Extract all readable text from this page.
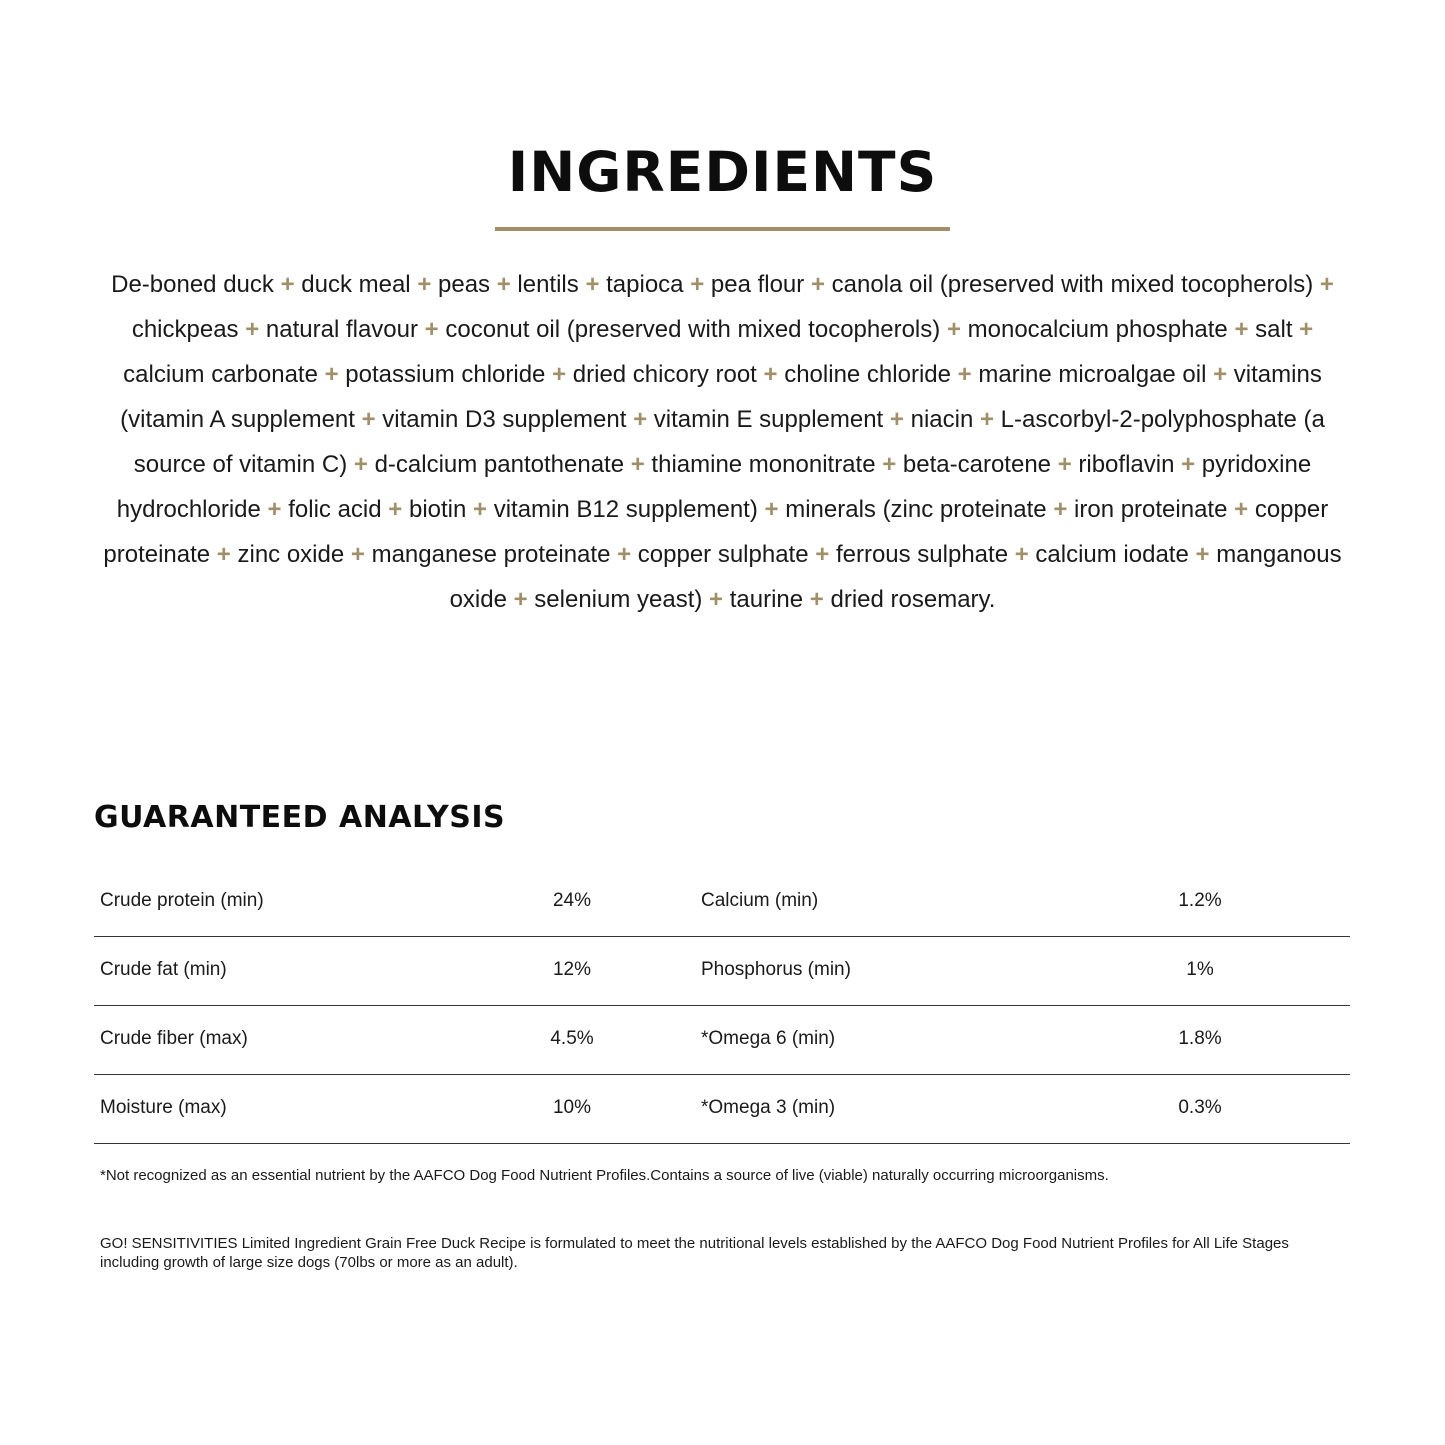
INGREDIENTS

De-boned duck + duck meal + peas + lentils + tapioca + pea flour + canola oil (preserved with mixed tocopherols) + chickpeas + natural flavour + coconut oil (preserved with mixed tocopherols) + monocalcium phosphate + salt + calcium carbonate + potassium chloride + dried chicory root + choline chloride + marine microalgae oil + vitamins (vitamin A supplement + vitamin D3 supplement + vitamin E supplement + niacin + L-ascorbyl-2-polyphosphate (a source of vitamin C) + d-calcium pantothenate + thiamine mononitrate + beta-carotene + riboflavin + pyridoxine hydrochloride + folic acid + biotin + vitamin B12 supplement) + minerals (zinc proteinate + iron proteinate + copper proteinate + zinc oxide + manganese proteinate + copper sulphate + ferrous sulphate + calcium iodate + manganous oxide + selenium yeast) + taurine + dried rosemary.

GUARANTEED ANALYSIS
Crude protein (min)	24%	Calcium (min)	1.2%
Crude fat (min)	12%	Phosphorus (min)	1%
Crude fiber (max)	4.5%	*Omega 6 (min)	1.8%
Moisture (max)	10%	*Omega 3 (min)	0.3%

*Not recognized as an essential nutrient by the AAFCO Dog Food Nutrient Profiles.Contains a source of live (viable) naturally occurring microorganisms.

GO! SENSITIVITIES Limited Ingredient Grain Free Duck Recipe is formulated to meet the nutritional levels established by the AAFCO Dog Food Nutrient Profiles for All Life Stages including growth of large size dogs (70lbs or more as an adult).
